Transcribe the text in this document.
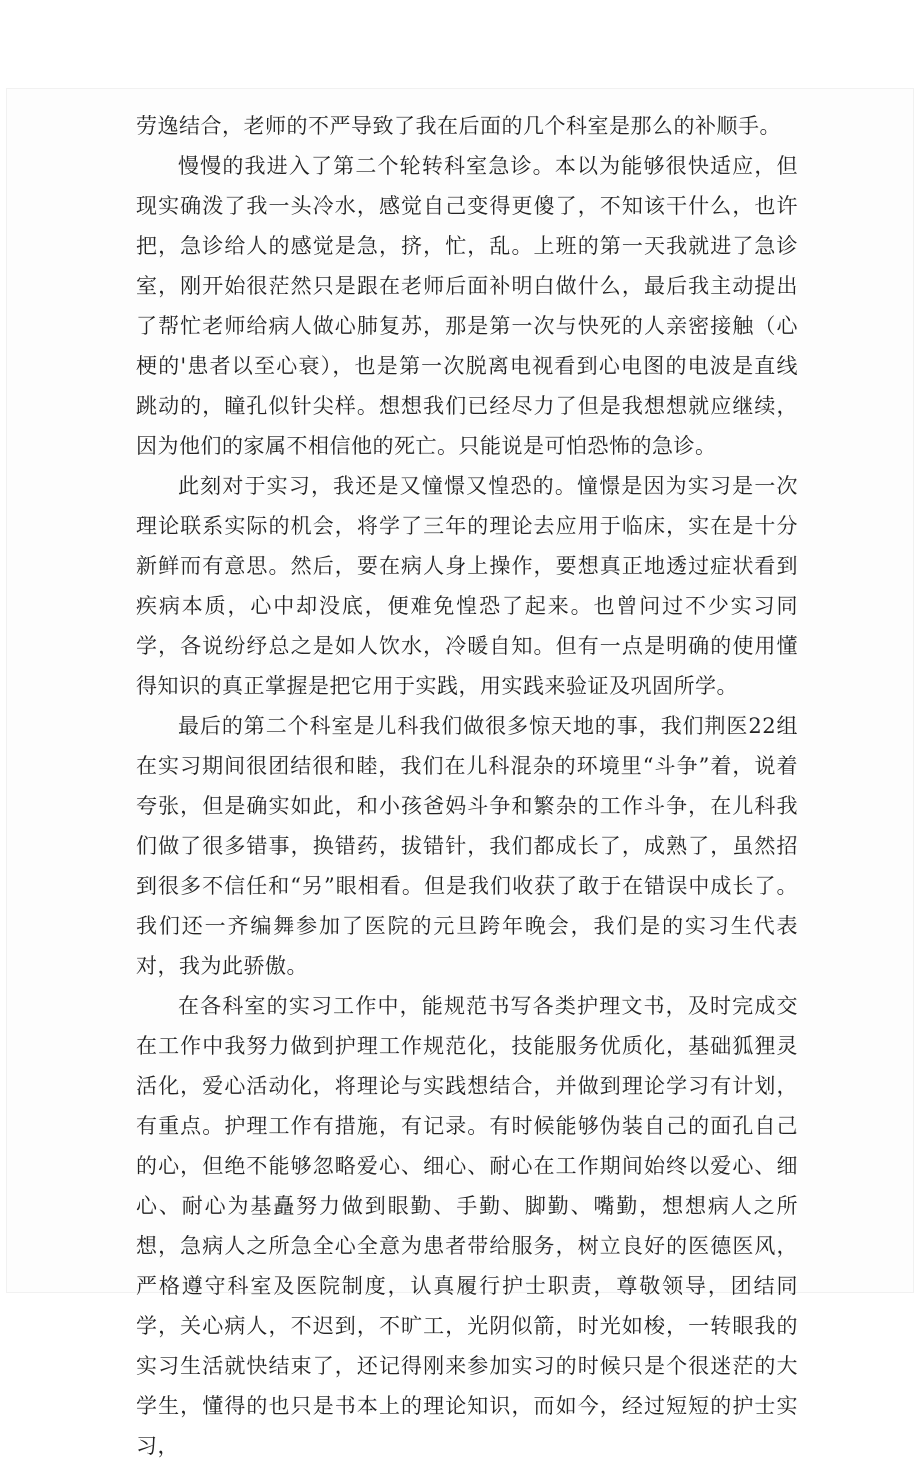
劳逸结合，老师的不严导致了我在后面的几个科室是那么的补顺手。

慢慢的我进入了第二个轮转科室急诊。本以为能够很快适应，但现实确泼了我一头冷水，感觉自己变得更傻了，不知该干什么，也许把，急诊给人的感觉是急，挤，忙，乱。上班的第一天我就进了急诊室，刚开始很茫然只是跟在老师后面补明白做什么，最后我主动提出了帮忙老师给病人做心肺复苏，那是第一次与快死的人亲密接触（心梗的'患者以至心衰），也是第一次脱离电视看到心电图的电波是直线跳动的，瞳孔似针尖样。想想我们已经尽力了但是我想想就应继续，因为他们的家属不相信他的死亡。只能说是可怕恐怖的急诊。

此刻对于实习，我还是又憧憬又惶恐的。憧憬是因为实习是一次理论联系实际的机会，将学了三年的理论去应用于临床，实在是十分新鲜而有意思。然后，要在病人身上操作，要想真正地透过症状看到疾病本质，心中却没底，便难免惶恐了起来。也曾问过不少实习同学，各说纷纾总之是如人饮水，冷暖自知。但有一点是明确的使用懂得知识的真正掌握是把它用于实践，用实践来验证及巩固所学。

最后的第二个科室是儿科我们做很多惊天地的事，我们荆医22组在实习期间很团结很和睦，我们在儿科混杂的环境里“斗争”着，说着夸张，但是确实如此，和小孩爸妈斗争和繁杂的工作斗争，在儿科我们做了很多错事，换错药，拔错针，我们都成长了，成熟了，虽然招到很多不信任和“另”眼相看。但是我们收获了敢于在错误中成长了。我们还一齐编舞参加了医院的元旦跨年晚会，我们是的实习生代表对，我为此骄傲。

在各科室的实习工作中，能规范书写各类护理文书，及时完成交在工作中我努力做到护理工作规范化，技能服务优质化，基础狐狸灵活化，爱心活动化，将理论与实践想结合，并做到理论学习有计划，有重点。护理工作有措施，有记录。有时候能够伪装自己的面孔自己的心，但绝不能够忽略爱心、细心、耐心在工作期间始终以爱心、细心、耐心为基矗努力做到眼勤、手勤、脚勤、嘴勤，想想病人之所想，急病人之所急全心全意为患者带给服务，树立良好的医德医风，严格遵守科室及医院制度，认真履行护士职责，尊敬领导，团结同学，关心病人，不迟到，不旷工，光阴似箭，时光如梭，一转眼我的实习生活就快结束了，还记得刚来参加实习的时候只是个很迷茫的大学生，懂得的也只是书本上的理论知识，而如今，经过短短的护士实习，
